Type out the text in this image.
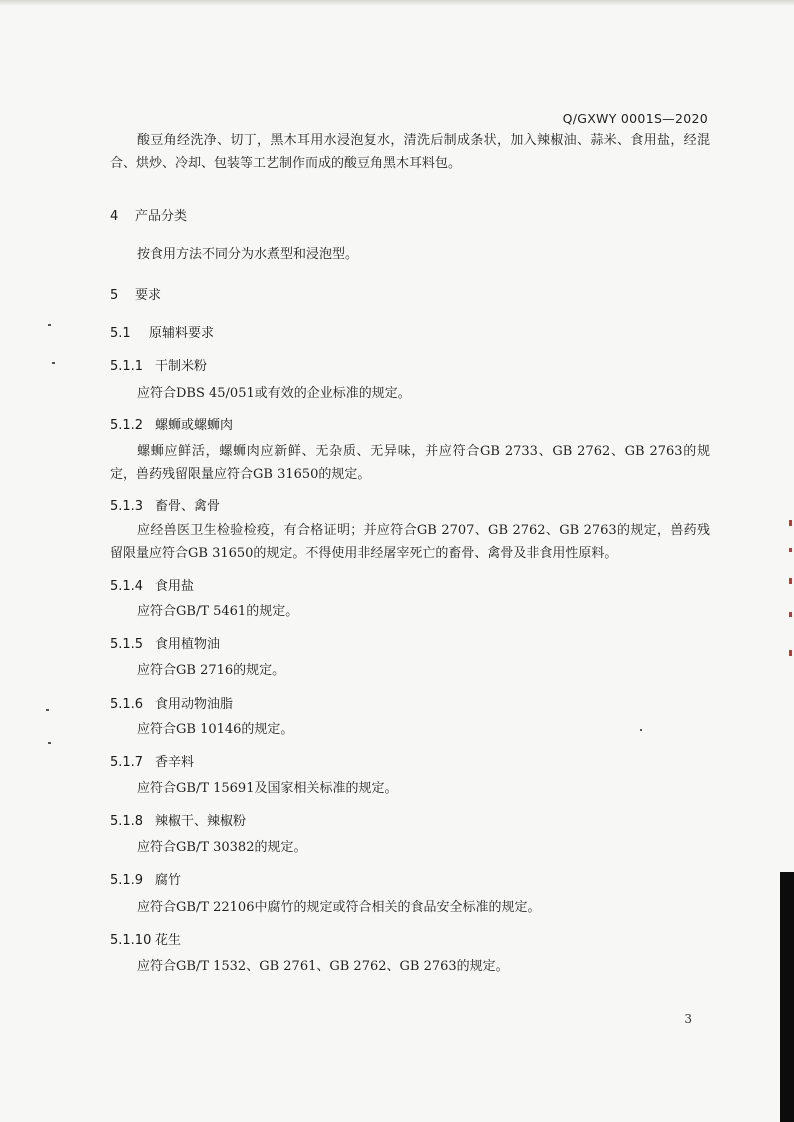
Q/GXWY 0001S—2020

酸豆角经洗净、切丁，黑木耳用水浸泡复水，清洗后制成条状，加入辣椒油、蒜米、食用盐，经混合、烘炒、冷却、包装等工艺制作而成的酸豆角黑木耳料包。

4 产品分类

按食用方法不同分为水煮型和浸泡型。

5 要求
5.1 原辅料要求
5.1.1 干制米粉

应符合DBS 45/051或有效的企业标准的规定。

5.1.2 螺蛳或螺蛳肉

螺蛳应鲜活，螺蛳肉应新鲜、无杂质、无异味，并应符合GB 2733、GB 2762、GB 2763的规定，兽药残留限量应符合GB 31650的规定。

5.1.3 畜骨、禽骨

应经兽医卫生检验检疫，有合格证明；并应符合GB 2707、GB 2762、GB 2763的规定，兽药残留限量应符合GB 31650的规定。不得使用非经屠宰死亡的畜骨、禽骨及非食用性原料。

5.1.4 食用盐

应符合GB/T 5461的规定。

5.1.5 食用植物油

应符合GB 2716的规定。

5.1.6 食用动物油脂

应符合GB 10146的规定。

5.1.7 香辛料

应符合GB/T 15691及国家相关标准的规定。

5.1.8 辣椒干、辣椒粉

应符合GB/T 30382的规定。

5.1.9 腐竹

应符合GB/T 22106中腐竹的规定或符合相关的食品安全标准的规定。

5.1.10 花生

应符合GB/T 1532、GB 2761、GB 2762、GB 2763的规定。

3
